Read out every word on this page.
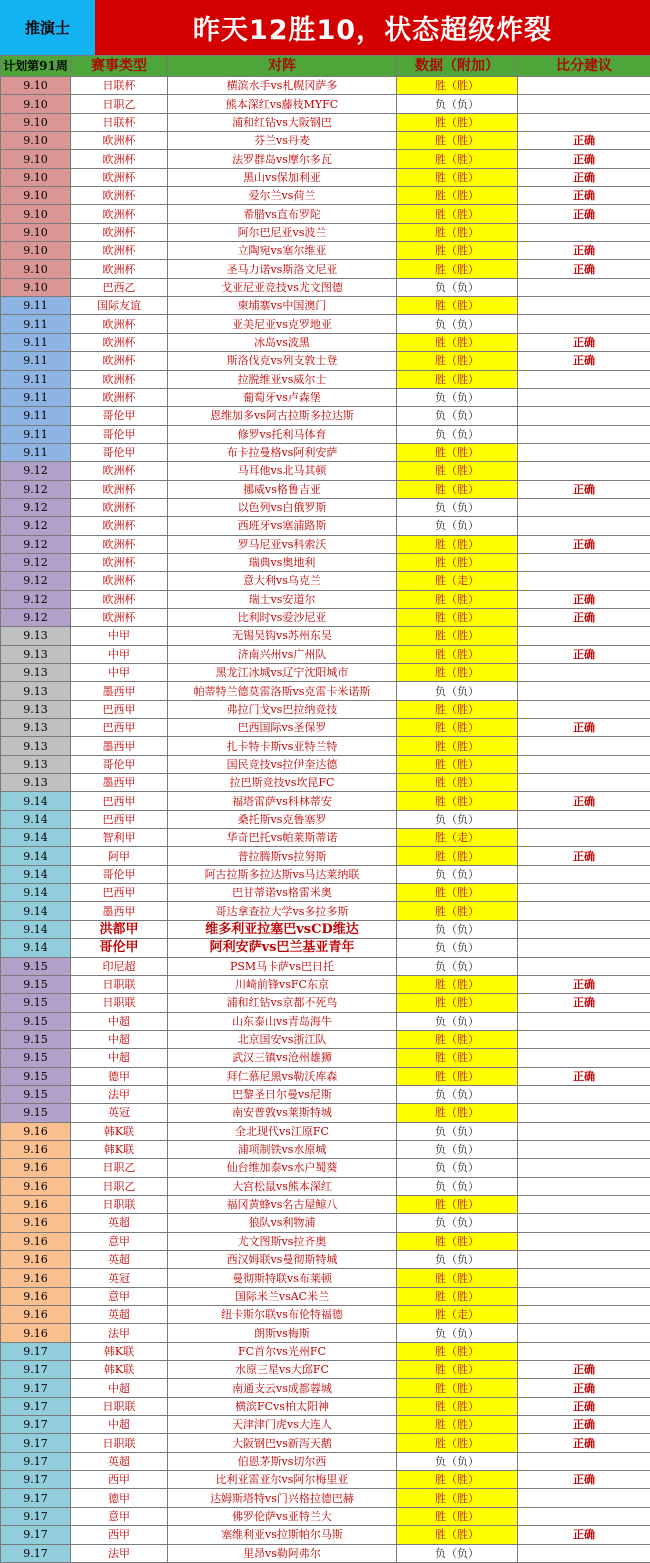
推演士	昨天12胜10，状态超级炸裂
计划第91周	赛事类型	对阵	数据（附加）	比分建议
9.10	日联杯	横滨水手vs札幌冈萨多	胜（胜）	
9.10	日职乙	熊本深红vs藤枝MYFC	负（负）	
9.10	日联杯	浦和红钻vs大阪钢巴	胜（胜）	
9.10	欧洲杯	芬兰vs丹麦	胜（胜）	正确
9.10	欧洲杯	法罗群岛vs摩尔多瓦	胜（胜）	正确
9.10	欧洲杯	黑山vs保加利亚	胜（胜）	正确
9.10	欧洲杯	爱尔兰vs荷兰	胜（胜）	正确
9.10	欧洲杯	希腊vs直布罗陀	胜（胜）	正确
9.10	欧洲杯	阿尔巴尼亚vs波兰	胜（胜）	
9.10	欧洲杯	立陶宛vs塞尔维亚	胜（胜）	正确
9.10	欧洲杯	圣马力诺vs斯洛文尼亚	胜（胜）	正确
9.10	巴西乙	戈亚尼亚竞技vs尤文图德	负（负）	
9.11	国际友谊	柬埔寨vs中国澳门	胜（胜）	
9.11	欧洲杯	亚美尼亚vs克罗地亚	负（负）	
9.11	欧洲杯	冰岛vs波黑	胜（胜）	正确
9.11	欧洲杯	斯洛伐克vs列支敦士登	胜（胜）	正确
9.11	欧洲杯	拉脱维亚vs威尔士	胜（胜）	
9.11	欧洲杯	葡萄牙vs卢森堡	负（负）	
9.11	哥伦甲	恩维加多vs阿古拉斯多拉达斯	负（负）	
9.11	哥伦甲	修罗vs托利马体育	负（负）	
9.11	哥伦甲	布卡拉曼格vs阿利安萨	胜（胜）	
9.12	欧洲杯	马耳他vs北马其顿	胜（胜）	
9.12	欧洲杯	挪威vs格鲁吉亚	胜（胜）	正确
9.12	欧洲杯	以色列vs白俄罗斯	负（负）	
9.12	欧洲杯	西班牙vs塞浦路斯	负（负）	
9.12	欧洲杯	罗马尼亚vs科索沃	胜（胜）	正确
9.12	欧洲杯	瑞典vs奥地利	胜（胜）	
9.12	欧洲杯	意大利vs乌克兰	胜（走）	
9.12	欧洲杯	瑞士vs安道尔	胜（胜）	正确
9.12	欧洲杯	比利时vs爱沙尼亚	胜（胜）	正确
9.13	中甲	无锡吴钩vs苏州东吴	胜（胜）	
9.13	中甲	济南兴州vs广州队	胜（胜）	正确
9.13	中甲	黑龙江冰城vs辽宁沈阳城市	胜（胜）	
9.13	墨西甲	帕蒂特兰德莫雷洛斯vs克雷卡米诺斯	负（负）	
9.13	巴西甲	弗拉门戈vs巴拉纳竞技	胜（胜）	
9.13	巴西甲	巴西国际vs圣保罗	胜（胜）	正确
9.13	墨西甲	扎卡特卡斯vs亚特兰特	胜（胜）	
9.13	哥伦甲	国民竞技vs拉伊奎达德	胜（胜）	
9.13	墨西甲	拉巴斯竞技vs坎昆FC	胜（胜）	
9.14	巴西甲	福塔雷萨vs科林蒂安	胜（胜）	正确
9.14	巴西甲	桑托斯vs克鲁塞罗	负（负）	
9.14	智利甲	华奇巴托vs帕莱斯蒂诺	胜（走）	
9.14	阿甲	普拉腾斯vs拉努斯	胜（胜）	正确
9.14	哥伦甲	阿古拉斯多拉达斯vs马达莱纳联	负（负）	
9.14	巴西甲	巴甘蒂诺vs格雷米奥	胜（胜）	
9.14	墨西甲	哥达拿查拉大学vs多拉多斯	胜（胜）	
9.14	洪都甲	维多利亚拉塞巴vsCD维达	负（负）	
9.14	哥伦甲	阿利安萨vs巴兰基亚青年	负（负）	
9.15	印尼超	PSM马卡萨vs巴日托	负（负）	
9.15	日职联	川崎前锋vsFC东京	胜（胜）	正确
9.15	日职联	浦和红钻vs京都不死鸟	胜（胜）	正确
9.15	中超	山东泰山vs青岛海牛	负（负）	
9.15	中超	北京国安vs浙江队	胜（胜）	
9.15	中超	武汉三镇vs沧州雄狮	胜（胜）	
9.15	德甲	拜仁慕尼黑vs勒沃库森	胜（胜）	正确
9.15	法甲	巴黎圣日尔曼vs尼斯	负（负）	
9.15	英冠	南安普敦vs莱斯特城	胜（胜）	
9.16	韩K联	全北现代vs江原FC	负（负）	
9.16	韩K联	浦项制铁vs水原城	负（负）	
9.16	日职乙	仙台维加泰vs水户蜀葵	负（负）	
9.16	日职乙	大宫松鼠vs熊本深红	负（负）	
9.16	日职联	福冈黄蜂vs名古屋鲸八	胜（胜）	
9.16	英超	狼队vs利物浦	负（负）	
9.16	意甲	尤文图斯vs拉齐奥	胜（胜）	
9.16	英超	西汉姆联vs曼彻斯特城	负（负）	
9.16	英冠	曼彻斯特联vs布莱顿	胜（胜）	
9.16	意甲	国际米兰vsAC米兰	胜（胜）	
9.16	英超	纽卡斯尔联vs布伦特福德	胜（走）	
9.16	法甲	朗斯vs梅斯	负（负）	
9.17	韩K联	FC首尔vs光州FC	胜（胜）	
9.17	韩K联	水原三星vs大邱FC	胜（胜）	正确
9.17	中超	南通支云vs成都蓉城	胜（胜）	正确
9.17	日职联	横滨FCvs柏太阳神	胜（胜）	正确
9.17	中超	天津津门虎vs大连人	胜（胜）	正确
9.17	日职联	大阪钢巴vs新泻天鹅	胜（胜）	正确
9.17	英超	伯恩茅斯vs切尔西	负（负）	
9.17	西甲	比利亚雷亚尔vs阿尔梅里亚	胜（胜）	正确
9.17	德甲	达姆斯塔特vs门兴格拉德巴赫	胜（胜）	
9.17	意甲	佛罗伦萨vs亚特兰大	胜（胜）	
9.17	西甲	塞维利亚vs拉斯帕尔马斯	胜（胜）	正确
9.17	法甲	里昂vs勒阿弗尔	负（负）	
